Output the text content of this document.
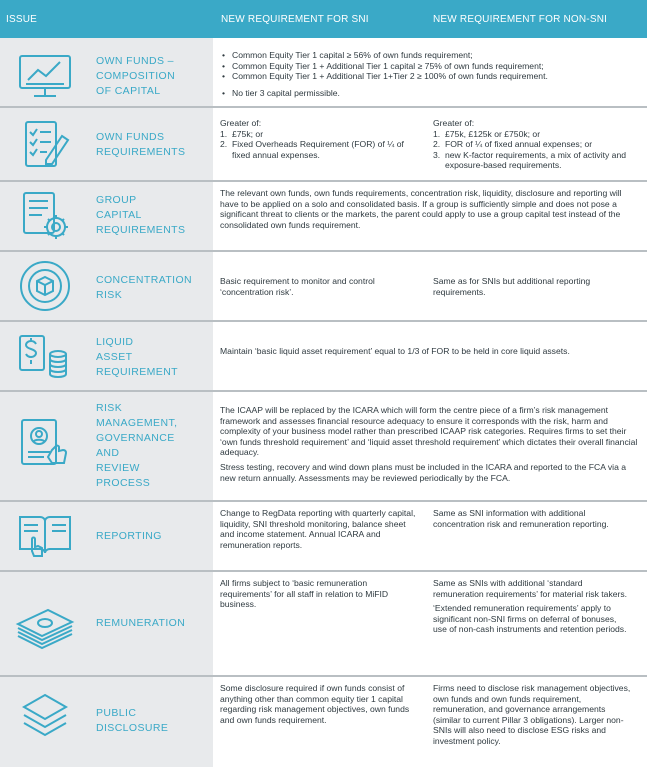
ISSUE	NEW REQUIREMENT FOR SNI	NEW REQUIREMENT FOR NON-SNI
OWN FUNDS –
COMPOSITION
OF CAPITAL
• Common Equity Tier 1 capital ≥ 56% of own funds requirement;
• Common Equity Tier 1 + Additional Tier 1 capital ≥ 75% of own funds requirement;
• Common Equity Tier 1 + Additional Tier 1+Tier 2 ≥ 100% of own funds requirement.
• No tier 3 capital permissible.
OWN FUNDS
REQUIREMENTS

Greater of:

£75k; or
Fixed Overheads Requirement (FOR) of ¼ of fixed annual expenses.

Greater of:

£75k, £125k or £750k; or
FOR of ¼ of fixed annual expenses; or
new K-factor requirements, a mix of activity and exposure-based requirements.
GROUP
CAPITAL
REQUIREMENTS
The relevant own funds, own funds requirements, concentration risk, liquidity, disclosure and reporting will have to be applied on a solo and consolidated basis. If a group is sufficiently simple and does not pose a significant threat to clients or the markets, the parent could apply to use a group capital test instead of the consolidated own funds requirement.
CONCENTRATION
RISK
Basic requirement to monitor and control ‘concentration risk’.
Same as for SNIs but additional reporting requirements.
LIQUID
ASSET
REQUIREMENT
Maintain ‘basic liquid asset requirement’ equal to 1/3 of FOR to be held in core liquid assets.
RISK
MANAGEMENT,
GOVERNANCE
AND
REVIEW
PROCESS

The ICAAP will be replaced by the ICARA which will form the centre piece of a firm’s risk management framework and assesses financial resource adequacy to ensure it corresponds with the risk, harm and complexity of your business model rather than prescribed ICAAP risk categories. Requires firms to set their ‘own funds threshold requirement’ and ‘liquid asset threshold requirement’ which dictates their overall financial adequacy.

Stress testing, recovery and wind down plans must be included in the ICARA and reported to the FCA via a new return annually. Assessments may be reviewed periodically by the FCA.

REPORTING
Change to RegData reporting with quarterly capital, liquidity, SNI threshold monitoring, balance sheet and income statement. Annual ICARA and remuneration reports.
Same as SNI information with additional concentration risk and remuneration reporting.
REMUNERATION
All firms subject to ‘basic remuneration requirements’ for all staff in relation to MiFID business.

Same as SNIs with additional ‘standard remuneration requirements’ for material risk takers.

‘Extended remuneration requirements’ apply to significant non-SNI firms on deferral of bonuses, use of non-cash instruments and retention periods.

PUBLIC
DISCLOSURE
Some disclosure required if own funds consist of anything other than common equity tier 1 capital regarding risk management objectives, own funds and own funds requirement.
Firms need to disclose risk management objectives, own funds and own funds requirement, remuneration, and governance arrangements (similar to current Pillar 3 obligations). Larger non-SNIs will also need to disclose ESG risks and investment policy.
